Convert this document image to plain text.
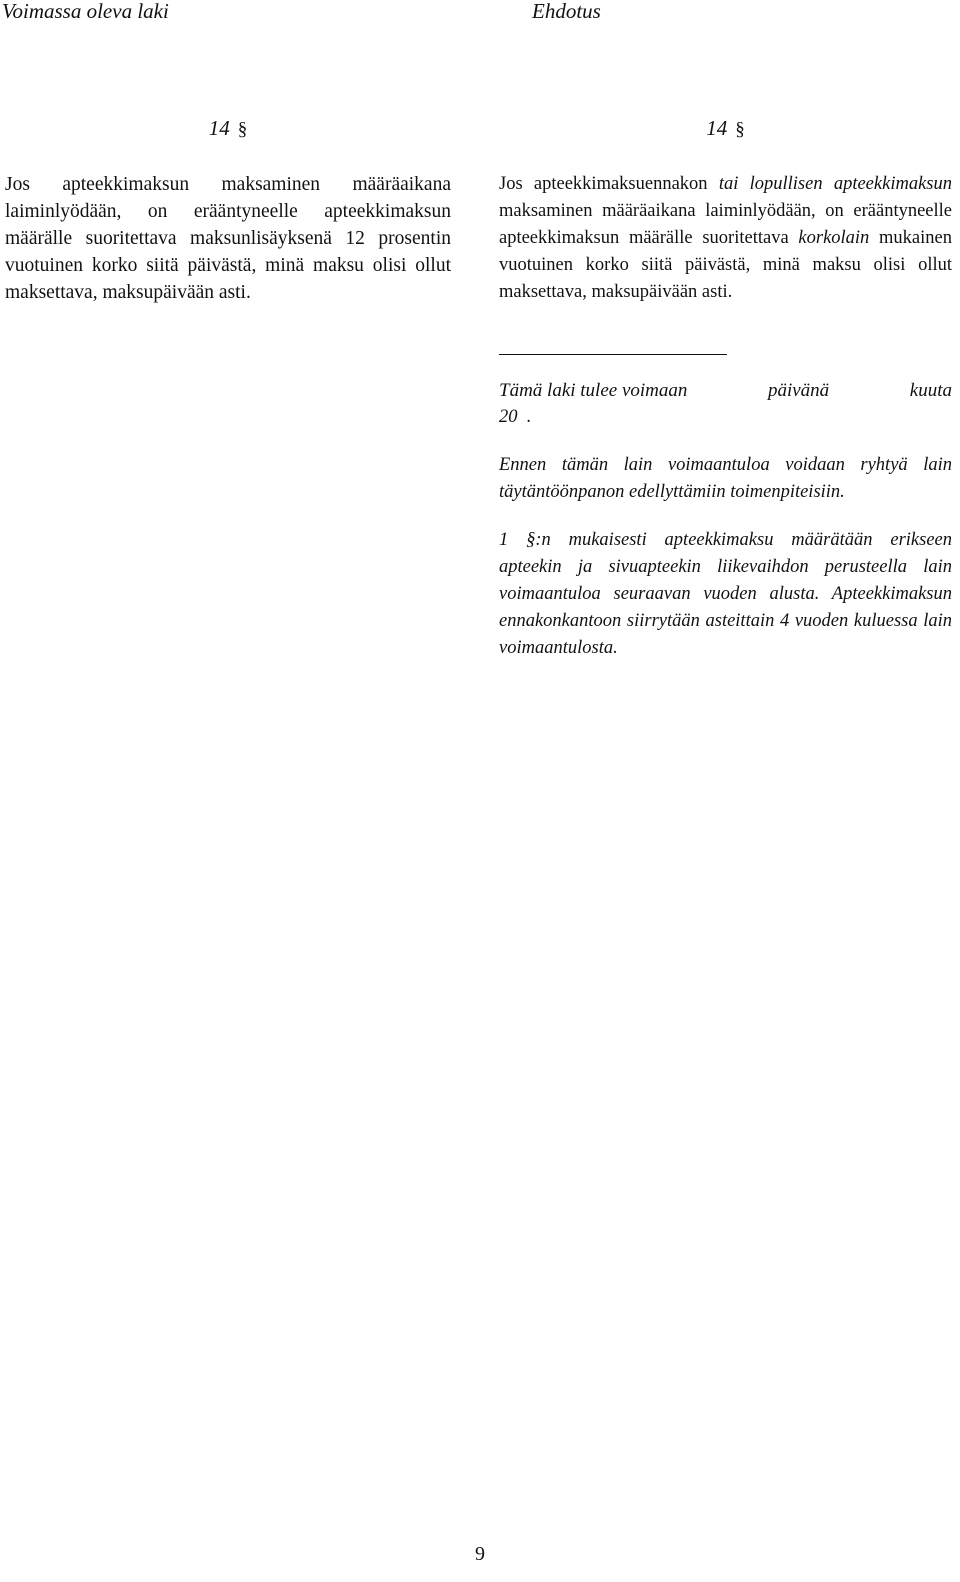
Voimassa oleva laki	Ehdotus
14 §

Jos apteekkimaksun maksaminen määräaikana laiminlyödään, on erääntyneelle apteekkimaksun määrälle suoritettava maksunlisäyksenä 12 prosentin vuotuinen korko siitä päivästä, minä maksu olisi ollut maksettava, maksupäivään asti.

14 §

Jos apteekkimaksuennakon tai lopullisen apteekkimaksun maksaminen määräaikana laiminlyödään, on erääntyneelle apteekkimaksun määrälle suoritettava korkolain mukainen vuotuinen korko siitä päivästä, minä maksu olisi ollut maksettava, maksupäivään asti.

Tämä laki tulee voimaan	päivänä	kuuta

20  .

Ennen tämän lain voimaantuloa voidaan ryhtyä lain täytäntöönpanon edellyttämiin toimenpiteisiin.

1 §:n mukaisesti apteekkimaksu määrätään erikseen apteekin ja sivuapteekin liikevaihdon perusteella lain voimaantuloa seuraavan vuoden alusta. Apteekkimaksun ennakonkantoon siirrytään asteittain 4 vuoden kuluessa lain voimaantulosta.

9
